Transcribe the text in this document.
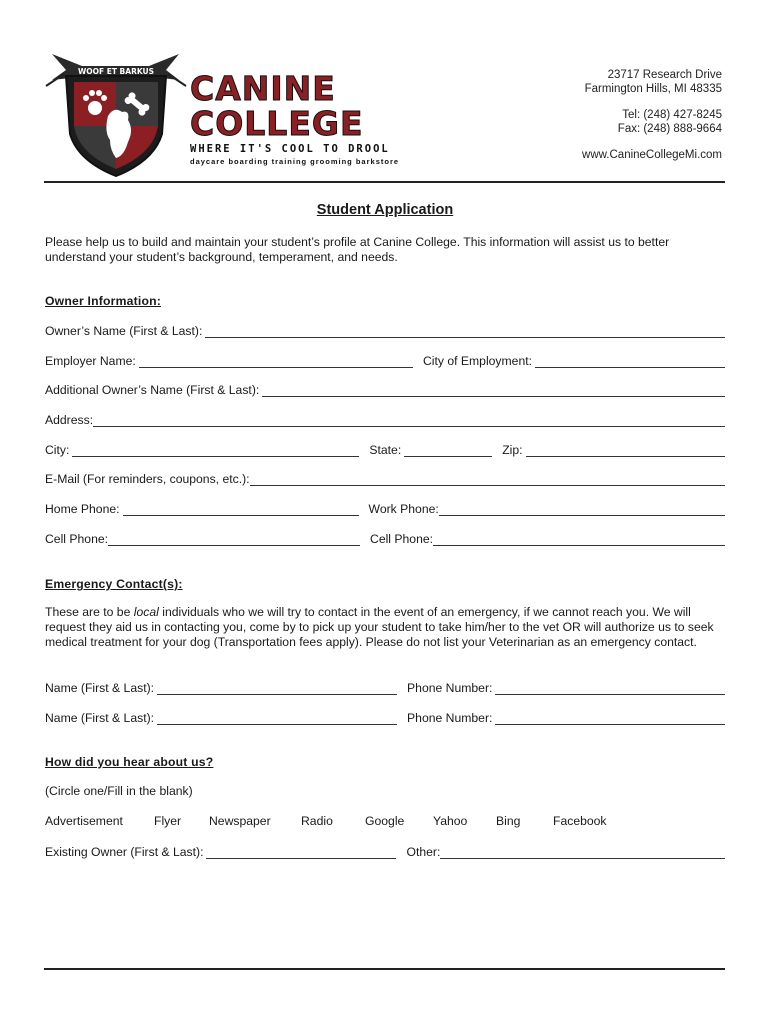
WOOF ET BARKUS CANINE
COLLEGE
WHERE IT'S COOL TO DROOL
daycare boarding training grooming barkstore
23717 Research Drive
Farmington Hills, MI 48335
Tel: (248) 427-8245
Fax: (248) 888-9664
www.CanineCollegeMi.com
Student Application
Please help us to build and maintain your student’s profile at Canine College. This information will assist us to better understand your student’s background, temperament, and needs.
Owner Information:
Owner’s Name (First & Last):
Employer Name:	City of Employment:
Additional Owner’s Name (First & Last):
Address:
City:	State:	Zip:
E-Mail (For reminders, coupons, etc.):
Home Phone:	Work Phone:
Cell Phone:	Cell Phone:
Emergency Contact(s):
These are to be local individuals who we will try to contact in the event of an emergency, if we cannot reach you. We will request they aid us in contacting you, come by to pick up your student to take him/her to the vet OR will authorize us to seek medical treatment for your dog (Transportation fees apply). Please do not list your Veterinarian as an emergency contact.
Name (First & Last):	Phone Number:
Name (First & Last):	Phone Number:
How did you hear about us?
(Circle one/Fill in the blank)
Advertisement	Flyer Newspaper Radio	Google Yahoo Bing	Facebook
Existing Owner (First & Last):	Other:
